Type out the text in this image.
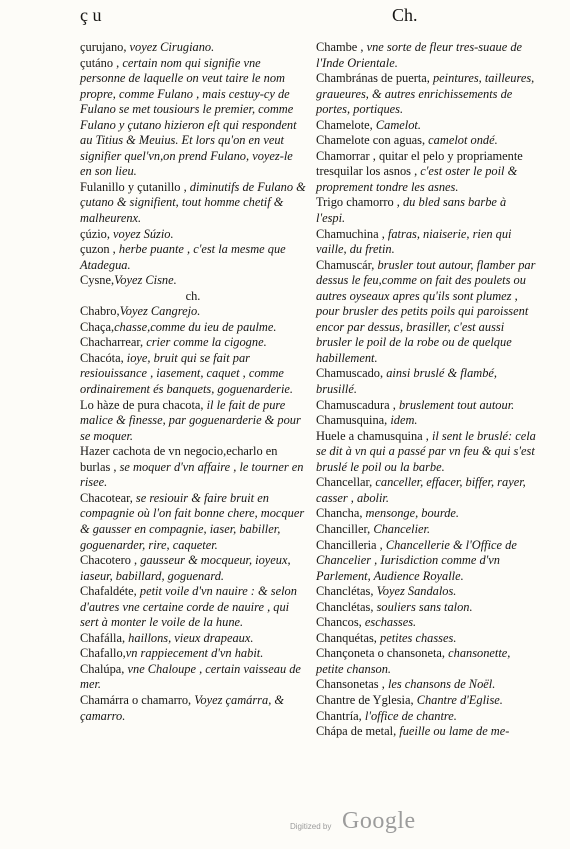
ç u	Ch.

çurujano, voyez Cirugiano.

çutáno , certain nom qui signifie vne personne de laquelle on veut taire le nom propre, comme Fulano , mais cestuy-cy de Fulano se met tousiours le premier, comme Fulano y çutano hizieron eſt qui respondent au Titius & Meuius. Et lors qu'on en veut signifier quel'vn,on prend Fulano, voyez-le en son lieu.

Fulanillo y çutanillo , diminutifs de Fulano & çutano & signifient, tout homme chetif & malheurenx.

çúzio, voyez Súzio.

çuzon , herbe puante , c'est la mesme que Atadegua.

Cysne,Voyez Cisne.

ch.

Chabro,Voyez Cangrejo.

Chaça,chasse,comme du ieu de paulme.

Chacharrear, crier comme la cigogne.

Chacóta, ioye, bruit qui se fait par resiouissance , iasement, caquet , comme ordinairement és banquets, goguenarderie.

Lo hàze de pura chacota, il le fait de pure malice & finesse, par goguenarderie & pour se moquer.

Hazer cachota de vn negocio,echarlo en burlas , se moquer d'vn affaire , le tourner en risee.

Chacotear, se resiouir & faire bruit en compagnie où l'on fait bonne chere, mocquer & gausser en compagnie, iaser, babiller, goguenarder, rire, caqueter.

Chacotero , gausseur & mocqueur, ioyeux, iaseur, babillard, goguenard.

Chafaldéte, petit voile d'vn nauire : & selon d'autres vne certaine corde de nauire , qui sert à monter le voile de la hune.

Chafálla, haillons, vieux drapeaux.

Chafallo,vn rappiecement d'vn habit.

Chalúpa, vne Chaloupe , certain vaisseau de mer.

Chamárra o chamarro, Voyez çamárra, & çamarro.

Chambe , vne sorte de fleur tres-suaue de l'Inde Orientale.

Chambránas de puerta, peintures, tailleures, graueures, & autres enrichissements de portes, portiques.

Chamelote, Camelot.

Chamelote con aguas, camelot ondé.

Chamorrar , quitar el pelo y propriamente tresquilar los asnos , c'est oster le poil & proprement tondre les asnes.

Trigo chamorro , du bled sans barbe à l'espi.

Chamuchina , fatras, niaiserie, rien qui vaille, du fretin.

Chamuscár, brusler tout autour, flamber par dessus le feu,comme on fait des poulets ou autres oyseaux apres qu'ils sont plumez , pour brusler des petits poils qui paroissent encor par dessus, brasiller, c'est aussi brusler le poil de la robe ou de quelque habillement.

Chamuscado, ainsi bruslé & flambé, brusillé.

Chamuscadura , bruslement tout autour.

Chamusquina, idem.

Huele a chamusquina , il sent le bruslé: cela se dit à vn qui a passé par vn feu & qui s'est bruslé le poil ou la barbe.

Chancellar, canceller, effacer, biffer, rayer, casser , abolir.

Chancha, mensonge, bourde.

Chanciller, Chancelier.

Chancilleria , Chancellerie & l'Office de Chancelier , Iurisdiction comme d'vn Parlement, Audience Royalle.

Chanclétas, Voyez Sandalos.

Chanclétas, souliers sans talon.

Chancos, eschasses.

Chanquétas, petites chasses.

Chançoneta o chansoneta, chansonette, petite chanson.

Chansonetas , les chansons de Noël.

Chantre de Yglesia, Chantre d'Eglise.

Chantría, l'office de chantre.

Chápa de metal, fueille ou lame de me-

Digitized by Google
